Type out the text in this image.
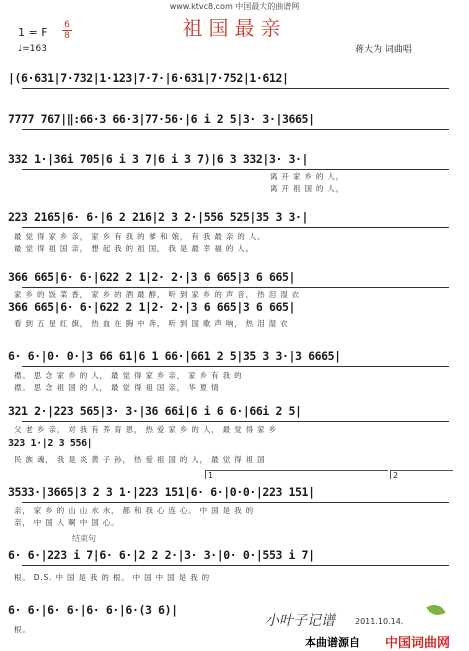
www.ktvc8.com 中国最大的曲谱网
祖国最亲
1 = F
6
8
♩=163	蒋大为 词曲唱
|(6·631|7·732|1·123|7·7·|6·631|7·752|1·612|
7777 767|‖:66·3 66·3|77·56·|6 i 2 5|3· 3·|3665|
332 1·|36i 705|6 i 3 7|6 i 3 7)|6 3 332|3· 3·|
离 开 家 乡 的 人，
离 开 祖 国 的 人，
223 2165|6· 6·|6 2 216|2 3 2·|556 525|35 3 3·|
最 觉 得 家 乡 亲， 家 乡 有 我 的 爹 和 娘， 有 我 最 亲 的 人。
最 觉 得 祖 国 亲， 想 起 我 的 祖 国， 我 是 最 幸 福 的 人。
366 665|6· 6·|622 2 1|2· 2·|3 6 665|3 6 665|
家 乡 的 饭 菜 香， 家 乡 的 酒 最 醇， 听 到 家 乡 的 声 音， 热 泪 湿 衣
366 665|6· 6·|622 2 1|2· 2·|3 6 665|3 6 665|
看 到 五 星 红 旗， 热 血 在 胸 中 奔， 听 到 国 歌 声 响， 热 泪 湿 衣
6· 6·|0· 0·|3 66 61|6 1 66·|661 2 5|35 3 3·|3 6665|
襟。 思 念 家 乡 的 人， 最 觉 得 家 乡 亲， 家 乡 有 我 的
襟。 思 念 祖 国 的 人， 最 觉 得 祖 国 亲， 华 夏 情
321 2·|223 565|3· 3·|36 66i|6 i 6 6·|66i 2 5|
父 老 乡 亲， 对 我 有 养 育 恩， 热 爱 家 乡 的 人， 最 觉 得 家 乡
323 1·|2 3 556|
民 族 魂， 我 是 炎 黄 子 孙， 热 爱 祖 国 的 人， 最 觉 得 祖 国
1	2
3533·|3665|3 2 3 1·|223 151|6· 6·|0·0·|223 151|
亲， 家 乡 的 山 山 水 水， 都 和 我 心 连 心。 中 国 是 我 的
亲， 中 国 人 啊 中 国 心。
结束句
6· 6·|223 i 7|6· 6·|2 2 2·|3· 3·|0· 0·|553 i 7|
根。 D.S. 中 国 是 我 的 根。 中 国 中 国 是 我 的
6· 6·|6· 6·|6· 6·|6·(3 6)|
根。
小叶子记谱	2011.10.14.
本曲谱源自 中国词曲网
